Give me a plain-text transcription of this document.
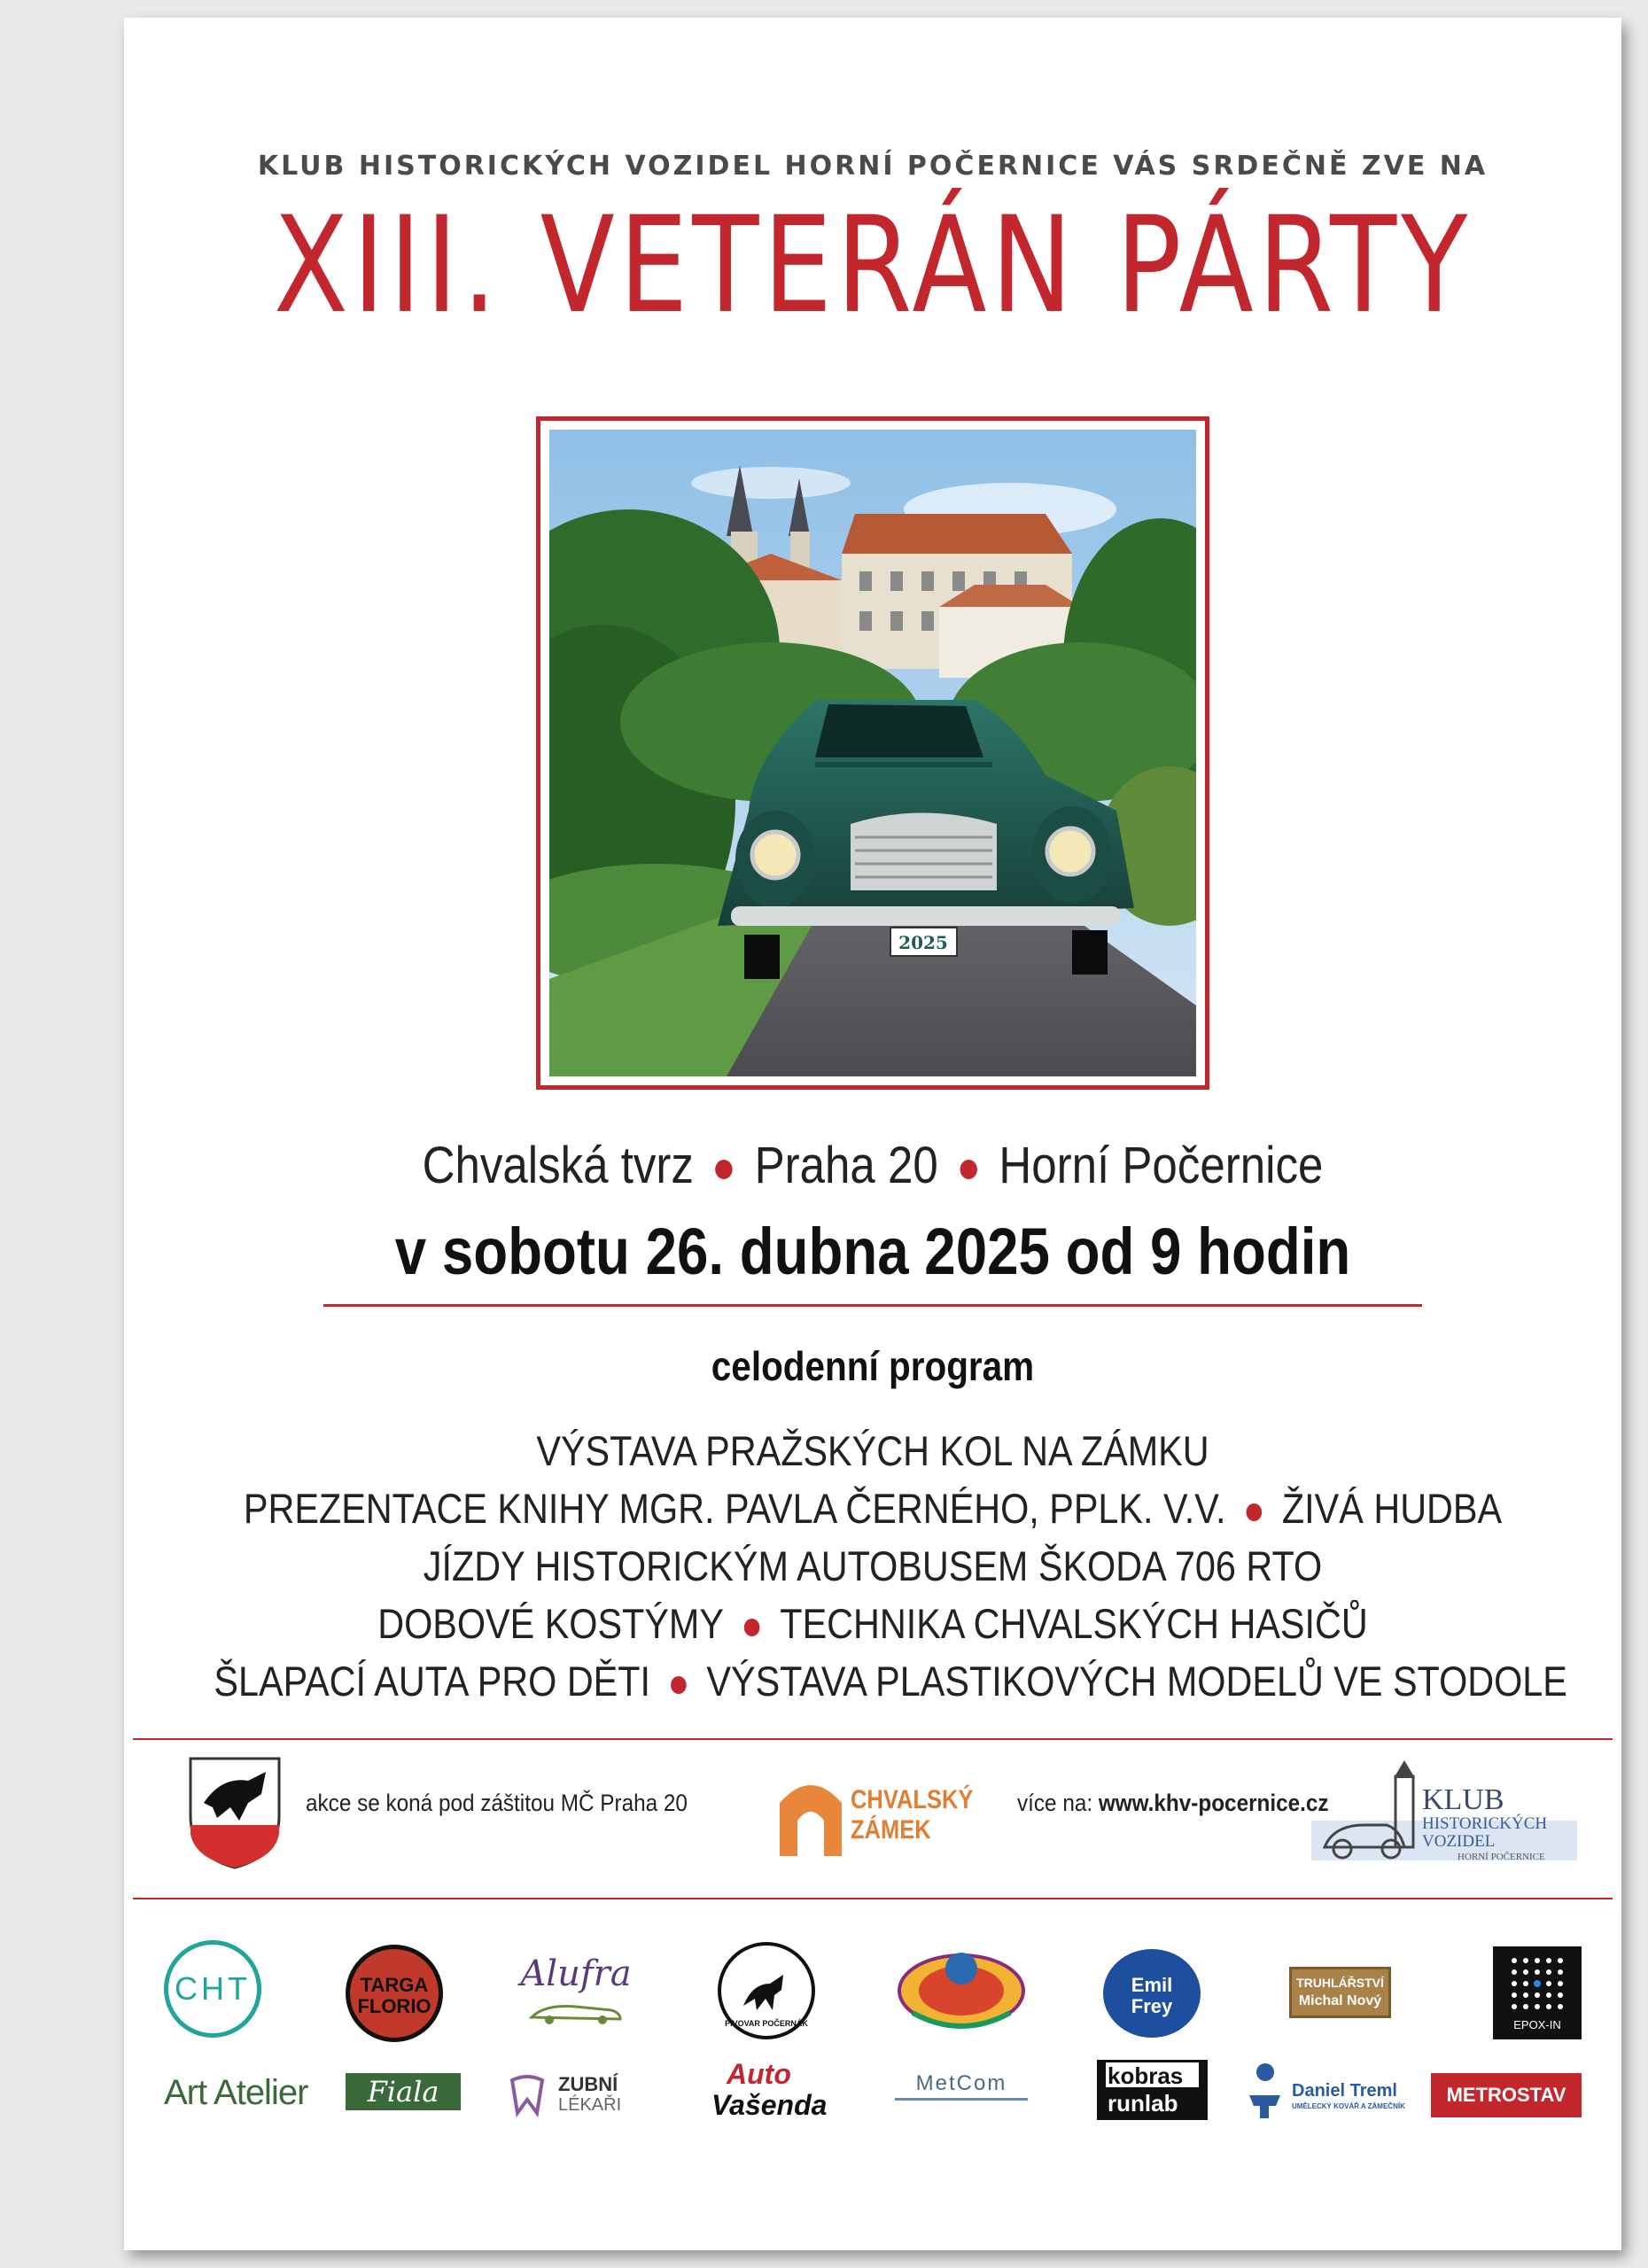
KLUB HISTORICKÝCH VOZIDEL HORNÍ POČERNICE VÁS SRDEČNĚ ZVE NA
XIII. VETERÁN PÁRTY
2025
Chvalská tvrz Praha 20 Horní Počernice
v sobotu 26. dubna 2025 od 9 hodin
celodenní program
VÝSTAVA PRAŽSKÝCH KOL NA ZÁMKU
PREZENTACE KNIHY MGR. PAVLA ČERNÉHO, PPLK. V.V. ŽIVÁ HUDBA
JÍZDY HISTORICKÝM AUTOBUSEM ŠKODA 706 RTO
DOBOVÉ KOSTÝMY TECHNIKA CHVALSKÝCH HASIČŮ
ŠLAPACÍ AUTA PRO DĚTI VÝSTAVA PLASTIKOVÝCH MODELŮ VE STODOLE
akce se koná pod záštitou MČ Praha 20	CHVALSKÝ
ZÁMEK
více na: www.khv-pocernice.cz	KLUB
HISTORICKÝCH
VOZIDEL
HORNÍ POČERNICE
CHT	TARGA
FLORIO
Alufra
PIVOVAR POČERNÁK
Emil
Frey
TRUHLÁŘSTVÍ
Michal Nový
EPOX-IN
Art Atelier	Fiala	ZUBNÍ
LÉKAŘI
Auto
Vašenda
MetCom	kobras
runlab	Daniel Treml
UMĚLECKÝ KOVÁŘ A ZÁMEČNÍK
METROSTAV
